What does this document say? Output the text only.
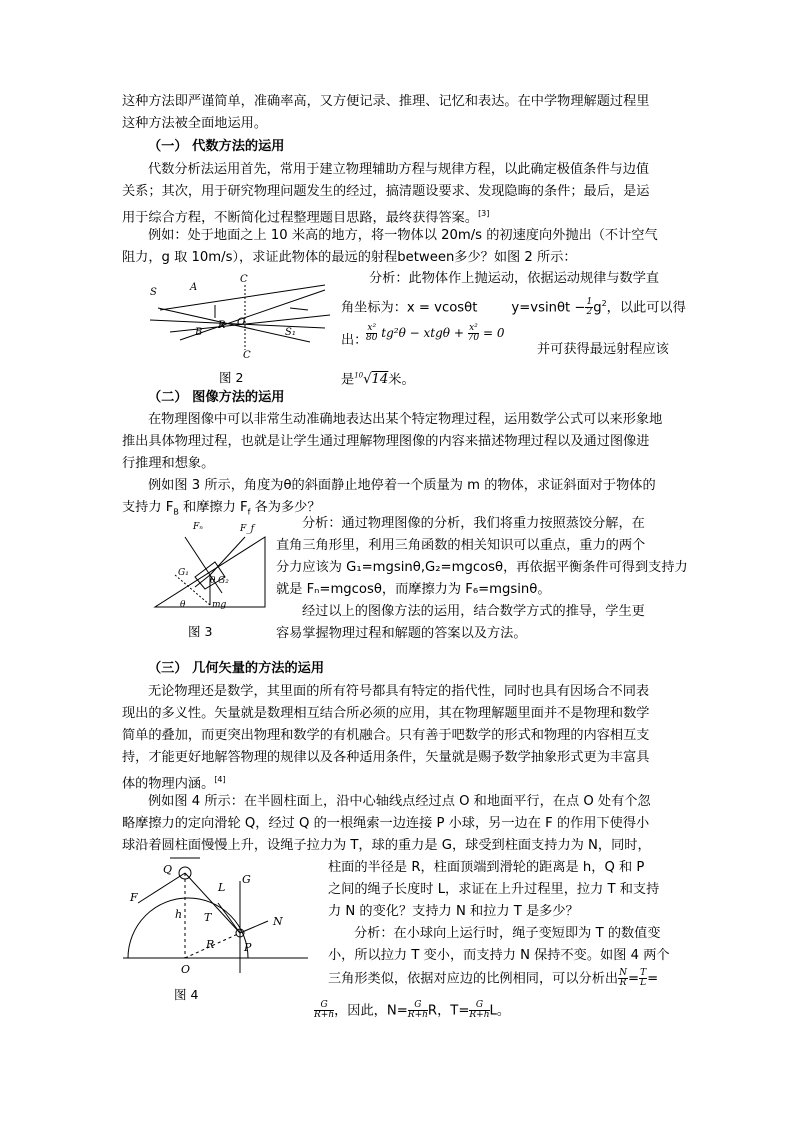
这种方法即严谨简单，准确率高，又方便记录、推理、记忆和表达。在中学物理解题过程里
这种方法被全面地运用。
（一） 代数方法的运用
代数分析法运用首先，常用于建立物理辅助方程与规律方程，以此确定极值条件与边值
关系；其次，用于研究物理问题发生的经过，搞清题设要求、发现隐晦的条件；最后，是运
用于综合方程，不断简化过程整理题目思路，最终获得答案。[3]
例如：处于地面之上 10 米高的地方，将一物体以 20m/s 的初速度向外抛出（不计空气
阻力，g 取 10m/s），求证此物体的最远的射程between多少？如图 2 所示：
分析：此物体作上抛运动，依据运动规律与数学直
角坐标为：x = vcosθt	$y=vsin\theta t - \frac{1}{2} g^2$，以此可以得
出：
$\frac{\text{x²}}{80} tg^2\theta - xtg\theta + \frac{\text{x²}}{70} = 0$
并可获得最远射程应该
是$^{10}$√14米。
S	A
C
B
R O
S₁
C
图 2
（二） 图像方法的运用
在物理图像中可以非常生动准确地表达出某个特定物理过程，运用数学公式可以来形象地
推出具体物理过程，也就是让学生通过理解物理图像的内容来描述物理过程以及通过图像进
行推理和想象。
例如图 3 所示，角度为θ的斜面静止地停着一个质量为 m 的物体，求证斜面对于物体的
支持力 $F_B$ 和摩擦力 $F_f$ 各为多少？
分析：通过物理图像的分析，我们将重力按照蒸饺分解，在
直角三角形里，利用三角函数的相关知识可以重点，重力的两个
分力应该为 G₁=mgsinθ,G₂=mgcosθ，再依据平衡条件可得到支持力
就是 Fₙ=mgcosθ，而摩擦力为 F₆=mgsinθ。
经过以上的图像方法的运用，结合数学方式的推导，学生更
容易掌握物理过程和解题的答案以及方法。
Fₙ	F_f
G₁
G₂
θ
mg
θ
图 3
（三） 几何矢量的方法的运用
无论物理还是数学，其里面的所有符号都具有特定的指代性，同时也具有因场合不同表
现出的多义性。矢量就是数理相互结合所必须的应用，其在物理解题里面并不是物理和数学
简单的叠加，而更突出物理和数学的有机融合。只有善于吧数学的形式和物理的内容相互支
持，才能更好地解答物理的规律以及各种适用条件，矢量就是赐予数学抽象形式更为丰富具
体的物理内涵。[4]
例如图 4 所示：在半圆柱面上，沿中心轴线点经过点 O 和地面平行，在点 O 处有个忽
略摩擦力的定向滑轮 Q，经过 Q 的一根绳索一边连接 P 小球，另一边在 F 的作用下使得小
球沿着圆柱面慢慢上升，设绳子拉力为 T，球的重力是 G，球受到柱面支持力为 N，同时，
柱面的半径是 R，柱面顶端到滑轮的距离是 h，Q 和 P
之间的绳子长度时 L，求证在上升过程里，拉力 T 和支持
力 N 的变化？支持力 N 和拉力 T 是多少？
分析：在小球向上运行时，绳子变短即为 T 的数值变
小，所以拉力 T 变小，而支持力 N 保持不变。如图 4 两个
三角形类似，依据对应边的比例相同，可以分析出 $\frac{N}{R} = \frac{T}{L}$ =
$\frac{G}{R+h}$ ，因此，$N= \frac{G}{R+h}$ R，$T= \frac{G}{R+h}$ L。
Q
F
L
G
T
h
N
R	P
O
图 4
